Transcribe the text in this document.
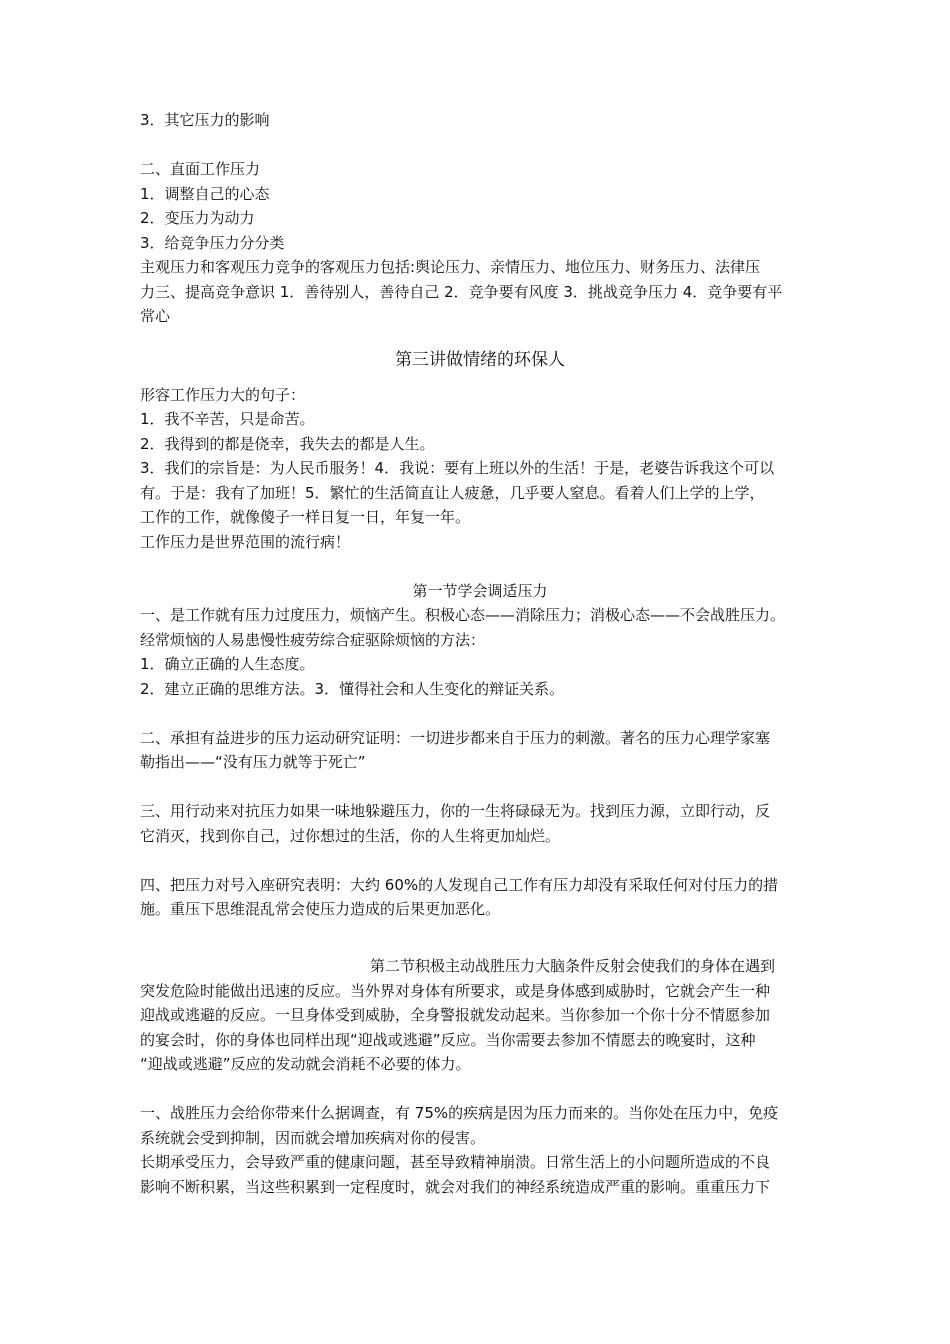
3．其它压力的影响
二、直面工作压力
1．调整自己的心态
2．变压力为动力
3．给竞争压力分分类
主观压力和客观压力竞争的客观压力包括:舆论压力、亲情压力、地位压力、财务压力、法律压
力三、提高竞争意识 1．善待别人，善待自己 2．竞争要有风度 3．挑战竞争压力 4．竞争要有平
常心
第三讲做情绪的环保人
形容工作压力大的句子：
1．我不辛苦，只是命苦。
2．我得到的都是侥幸，我失去的都是人生。
3．我们的宗旨是：为人民币服务！4．我说：要有上班以外的生活！于是，老婆告诉我这个可以
有。于是：我有了加班！5．繁忙的生活简直让人疲惫，几乎要人窒息。看着人们上学的上学，
工作的工作，就像傻子一样日复一日，年复一年。
工作压力是世界范围的流行病！
第一节学会调适压力
一、是工作就有压力过度压力，烦恼产生。积极心态——消除压力；消极心态——不会战胜压力。
经常烦恼的人易患慢性疲劳综合症驱除烦恼的方法：
1．确立正确的人生态度。
2．建立正确的思维方法。3．懂得社会和人生变化的辩证关系。
二、承担有益进步的压力运动研究证明：一切进步都来自于压力的刺激。著名的压力心理学家塞
勒指出——“没有压力就等于死亡”
三、用行动来对抗压力如果一味地躲避压力，你的一生将碌碌无为。找到压力源，立即行动，反
它消灭，找到你自己，过你想过的生活，你的人生将更加灿烂。
四、把压力对号入座研究表明：大约 60%的人发现自己工作有压力却没有采取任何对付压力的措
施。重压下思维混乱常会使压力造成的后果更加恶化。
第二节积极主动战胜压力大脑条件反射会使我们的身体在遇到
突发危险时能做出迅速的反应。当外界对身体有所要求，或是身体感到威胁时，它就会产生一种
迎战或逃避的反应。一旦身体受到威胁，全身警报就发动起来。当你参加一个你十分不情愿参加
的宴会时，你的身体也同样出现“迎战或逃避”反应。当你需要去参加不情愿去的晚宴时，这种
“迎战或逃避”反应的发动就会消耗不必要的体力。
一、战胜压力会给你带来什么据调查，有 75%的疾病是因为压力而来的。当你处在压力中，免疫
系统就会受到抑制，因而就会增加疾病对你的侵害。
长期承受压力，会导致严重的健康问题，甚至导致精神崩溃。日常生活上的小问题所造成的不良
影响不断积累，当这些积累到一定程度时，就会对我们的神经系统造成严重的影响。重重压力下
